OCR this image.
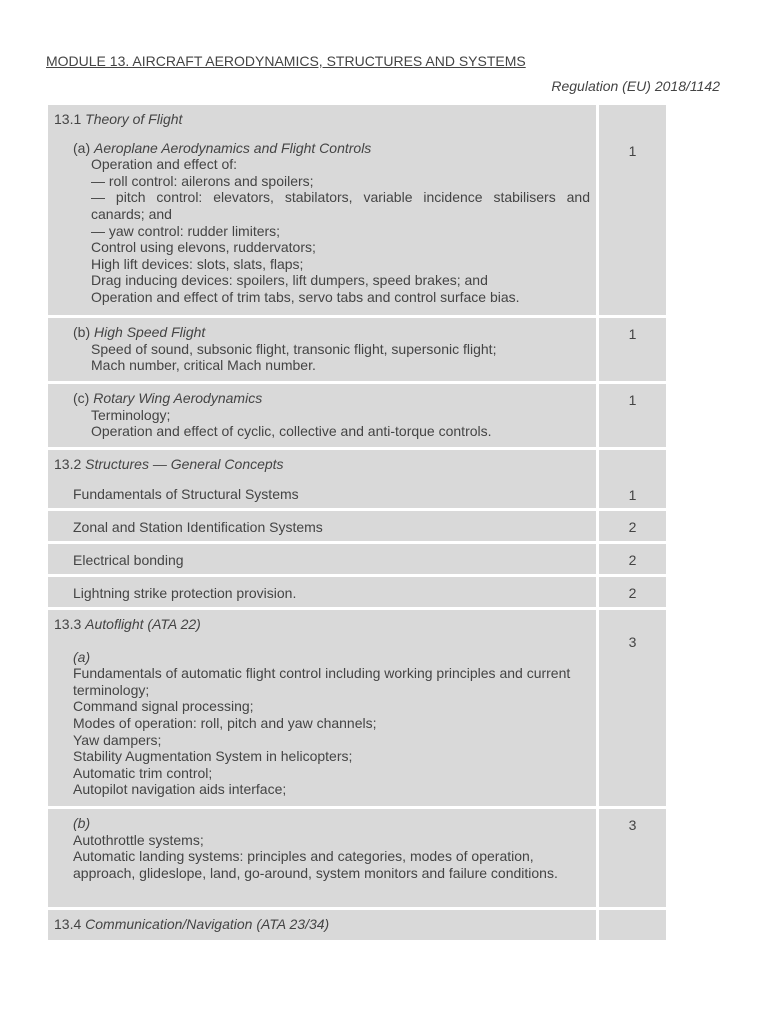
MODULE 13. AIRCRAFT AERODYNAMICS, STRUCTURES AND SYSTEMS
Regulation (EU) 2018/1142
13.1 Theory of Flight
(a) Aeroplane Aerodynamics and Flight Controls
Operation and effect of:
— roll control: ailerons and spoilers;
— pitch control: elevators, stabilators, variable incidence stabilisers and canards; and
— yaw control: rudder limiters;
Control using elevons, ruddervators;
High lift devices: slots, slats, flaps;
Drag inducing devices: spoilers, lift dumpers, speed brakes; and
Operation and effect of trim tabs, servo tabs and control surface bias.
1
(b) High Speed Flight
Speed of sound, subsonic flight, transonic flight, supersonic flight;
Mach number, critical Mach number.
1
(c) Rotary Wing Aerodynamics
Terminology;
Operation and effect of cyclic, collective and anti-torque controls.
1
13.2 Structures — General Concepts
Fundamentals of Structural Systems	1
Zonal and Station Identification Systems	2
Electrical bonding	2
Lightning strike protection provision.	2
13.3 Autoflight (ATA 22)
(a)
Fundamentals of automatic flight control including working principles and current terminology;
Command signal processing;
Modes of operation: roll, pitch and yaw channels;
Yaw dampers;
Stability Augmentation System in helicopters;
Automatic trim control;
Autopilot navigation aids interface;
3
(b)
Autothrottle systems;
Automatic landing systems: principles and categories, modes of operation, approach, glideslope, land, go-around, system monitors and failure conditions.
3
13.4 Communication/Navigation (ATA 23/34)
